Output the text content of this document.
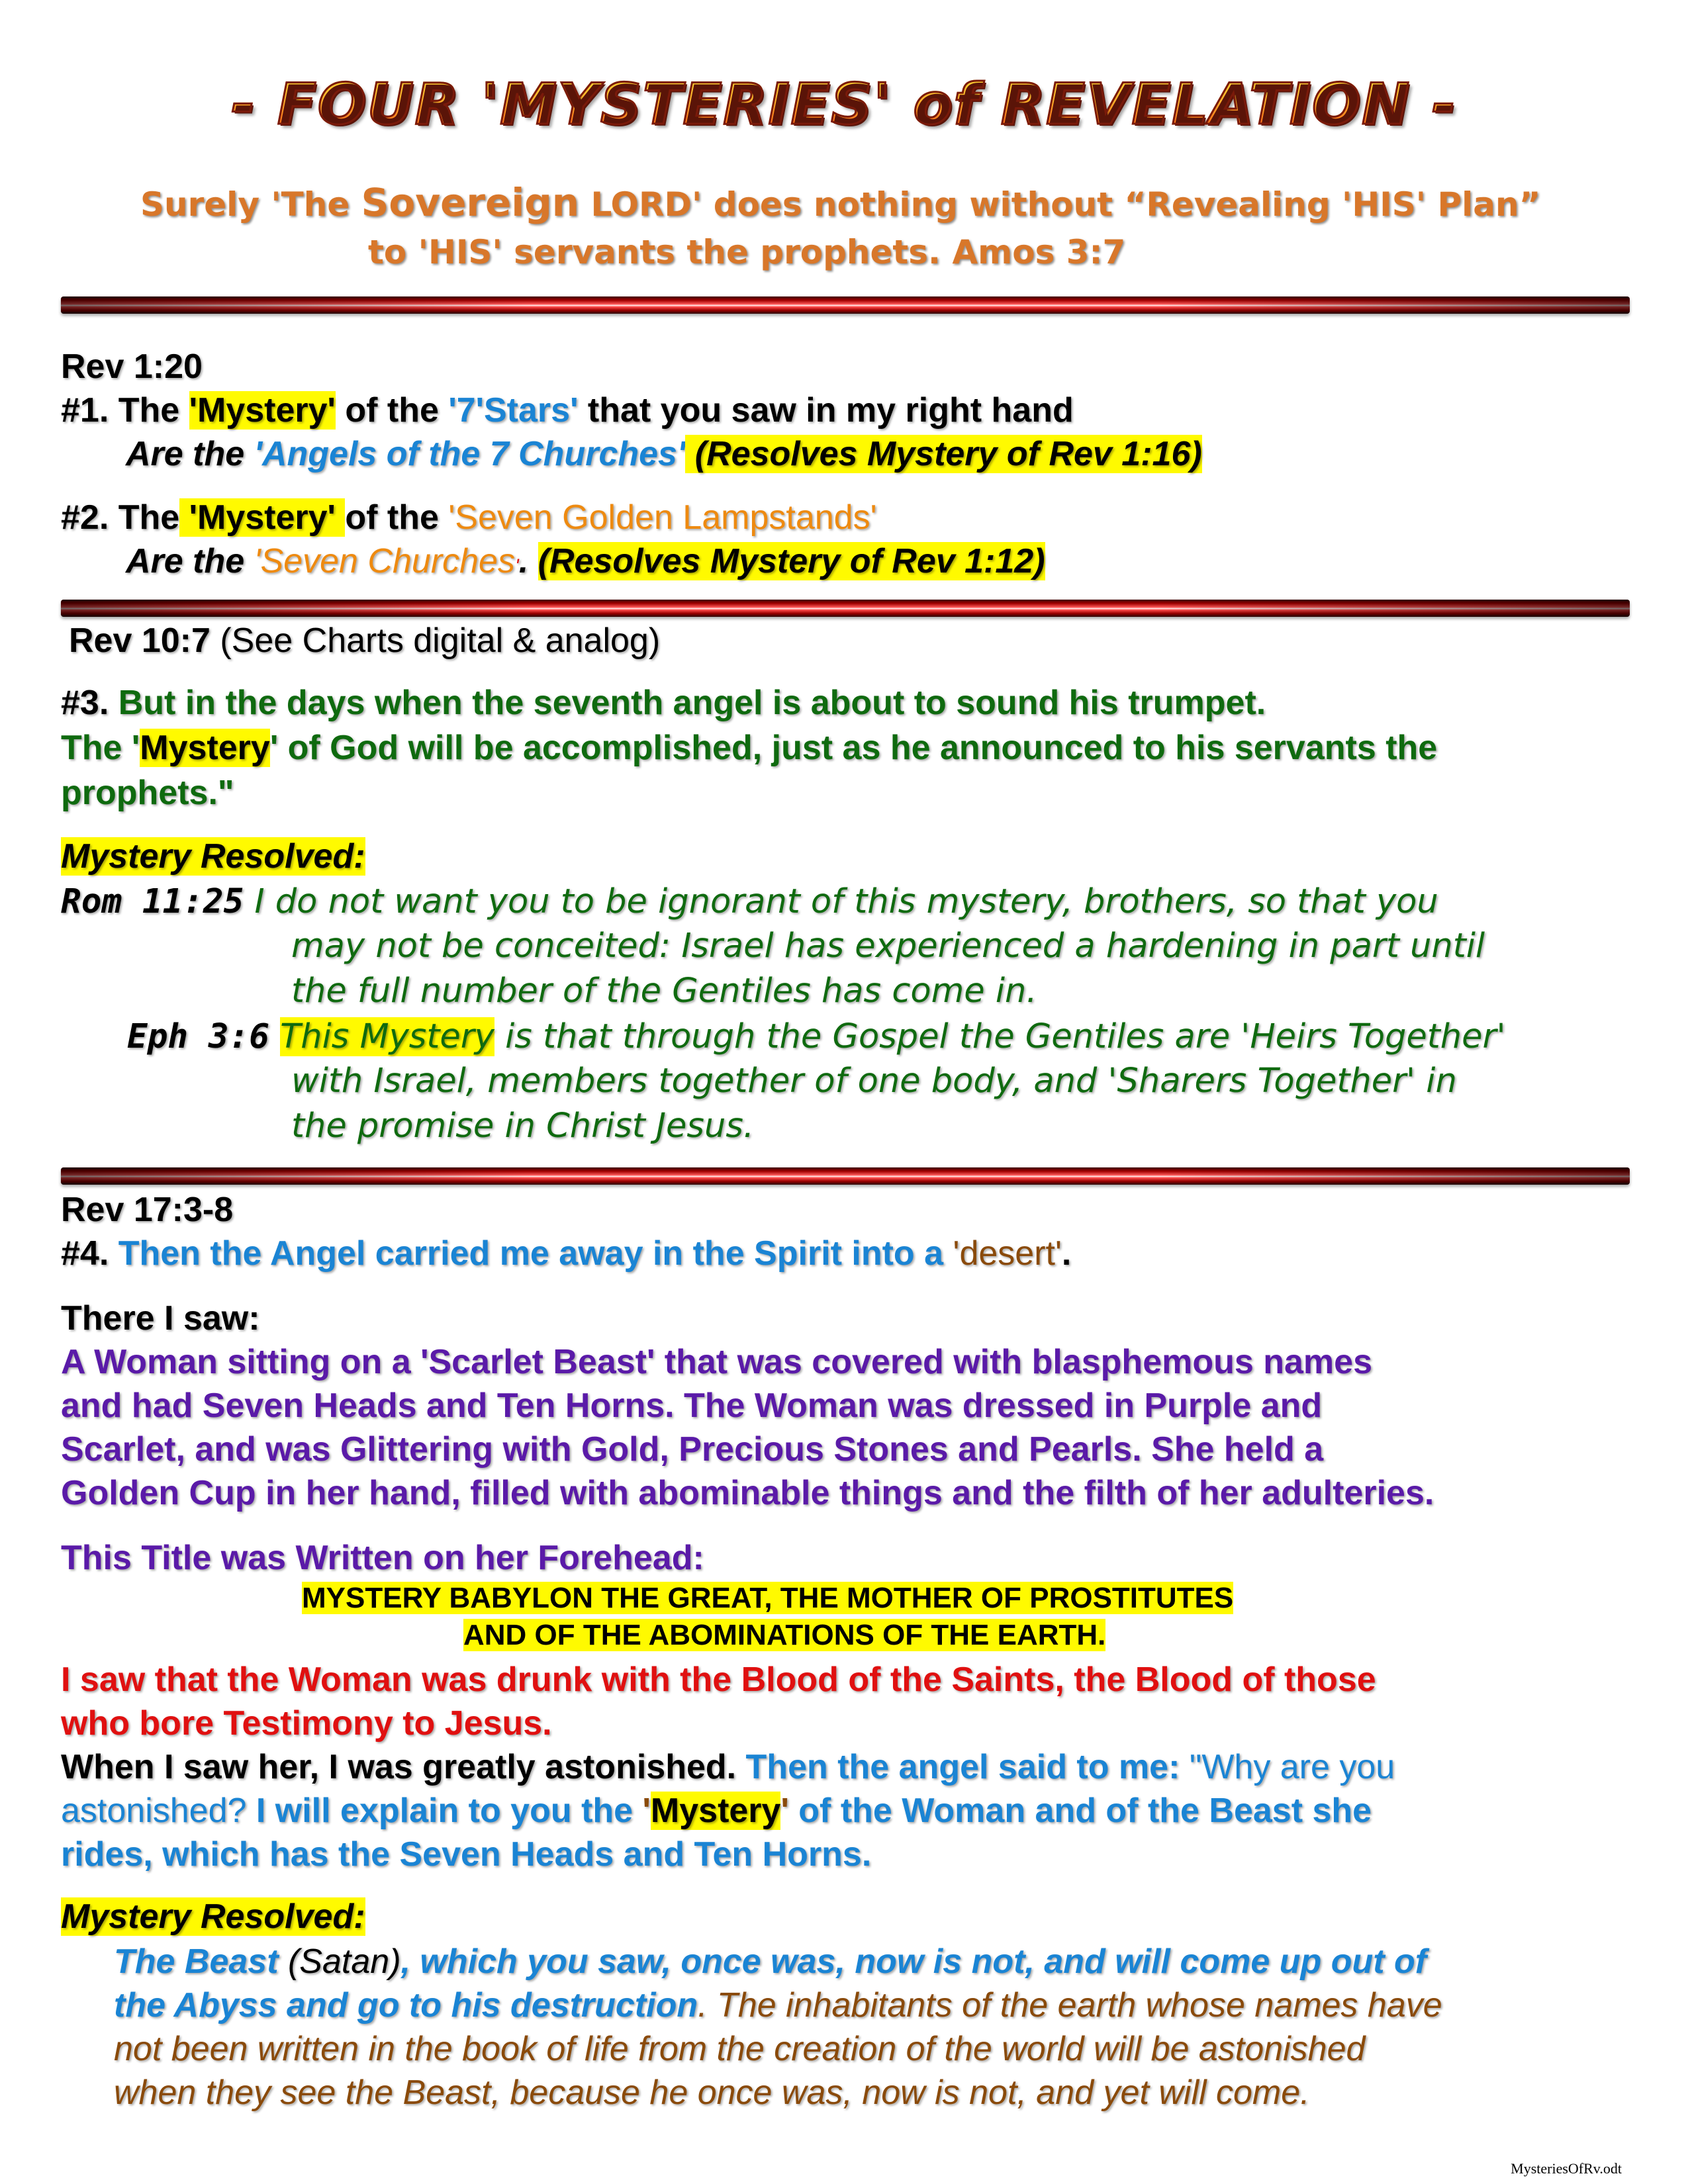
- FOUR 'MYSTERIES' of REVELATION -
Surely 'The Sovereign LORD' does nothing without “Revealing 'HIS' Plan”
to 'HIS' servants the prophets. Amos 3:7
Rev 1:20
#1. The 'Mystery' of the '7'Stars' that you saw in my right hand
Are the 'Angels of the 7 Churches' (Resolves Mystery of Rev 1:16)
#2. The 'Mystery' of the 'Seven Golden Lampstands'
Are the 'Seven Churches'. (Resolves Mystery of Rev 1:12)
Rev 10:7 (See Charts digital & analog)
#3. But in the days when the seventh angel is about to sound his trumpet.
The 'Mystery' of God will be accomplished, just as he announced to his servants the
prophets."
Mystery Resolved:
Rom 11:25 I do not want you to be ignorant of this mystery, brothers, so that you
may not be conceited: Israel has experienced a hardening in part until
the full number of the Gentiles has come in.
Eph 3:6 This Mystery is that through the Gospel the Gentiles are 'Heirs Together'
with Israel, members together of one body, and 'Sharers Together' in
the promise in Christ Jesus.
Rev 17:3-8
#4. Then the Angel carried me away in the Spirit into a 'desert'.
There I saw:
A Woman sitting on a 'Scarlet Beast' that was covered with blasphemous names
and had Seven Heads and Ten Horns. The Woman was dressed in Purple and
Scarlet, and was Glittering with Gold, Precious Stones and Pearls. She held a
Golden Cup in her hand, filled with abominable things and the filth of her adulteries.
This Title was Written on her Forehead:
MYSTERY BABYLON THE GREAT, THE MOTHER OF PROSTITUTES
AND OF THE ABOMINATIONS OF THE EARTH.
I saw that the Woman was drunk with the Blood of the Saints, the Blood of those
who bore Testimony to Jesus.
When I saw her, I was greatly astonished. Then the angel said to me: "Why are you
astonished? I will explain to you the 'Mystery' of the Woman and of the Beast she
rides, which has the Seven Heads and Ten Horns.
Mystery Resolved:
The Beast (Satan), which you saw, once was, now is not, and will come up out of
the Abyss and go to his destruction. The inhabitants of the earth whose names have
not been written in the book of life from the creation of the world will be astonished
when they see the Beast, because he once was, now is not, and yet will come.
MysteriesOfRv.odt
